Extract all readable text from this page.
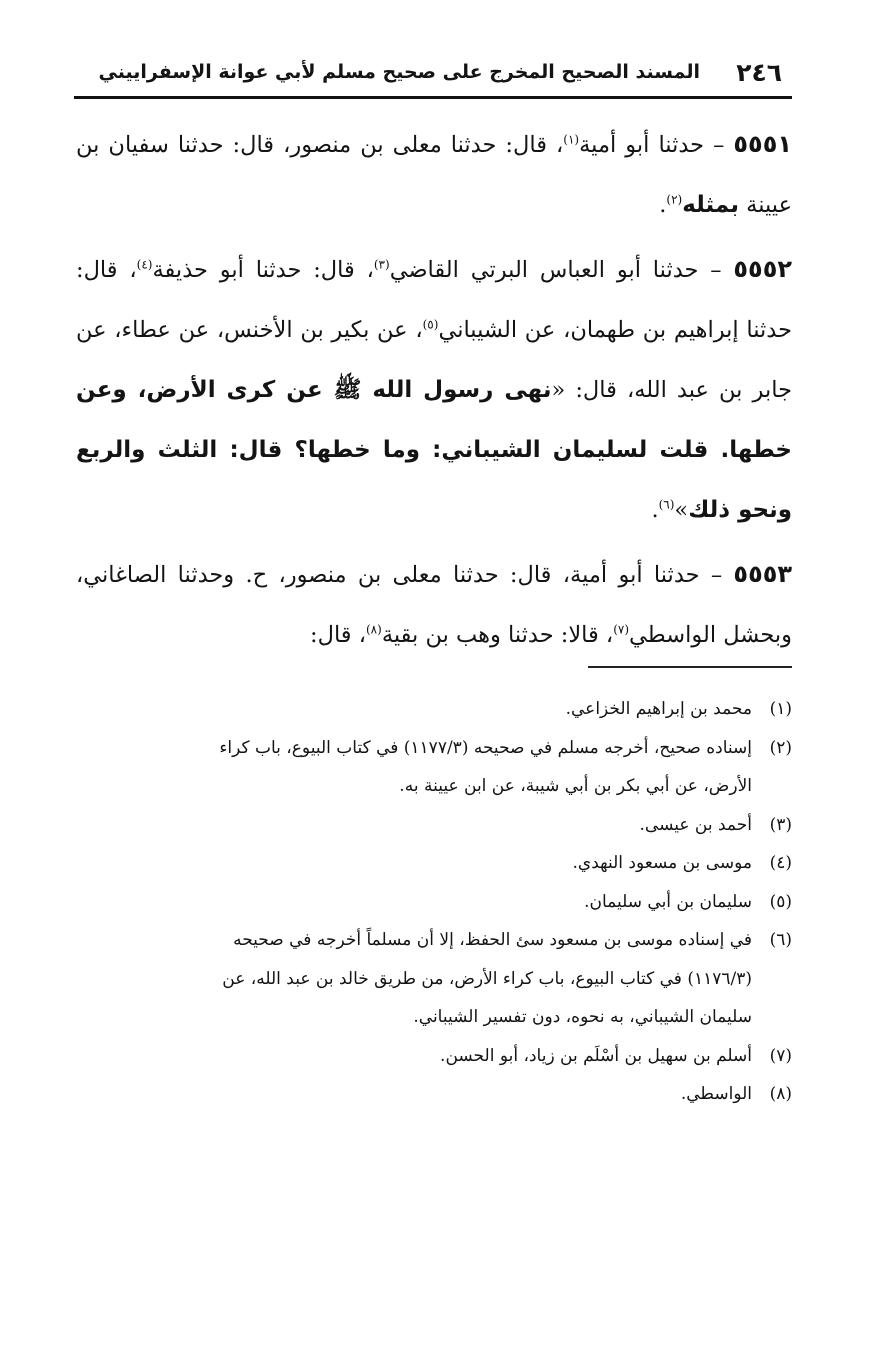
٢٤٦
المسند الصحيح المخرج على صحيح مسلم لأبي عوانة الإسفراييني

٥٥٥١ – حدثنا أبو أمية$^{(١)}$، قال: حدثنا معلى بن منصور، قال: حدثنا سفيان بن عيينة بمثله$^{(٢)}$.

٥٥٥٢ – حدثنا أبو العباس البرتي القاضي$^{(٣)}$، قال: حدثنا أبو حذيفة$^{(٤)}$، قال: حدثنا إبراهيم بن طهمان، عن الشيباني$^{(٥)}$، عن بكير بن الأخنس، عن عطاء، عن جابر بن عبد الله، قال: «نهى رسول الله ﷺ عن كرى الأرض، وعن خطها. قلت لسليمان الشيباني: وما خطها؟ قال: الثلث والربع ونحو ذلك»$^{(٦)}$.

٥٥٥٣ – حدثنا أبو أمية، قال: حدثنا معلى بن منصور، ح. وحدثنا الصاغاني، وبحشل الواسطي$^{(٧)}$، قالا: حدثنا وهب بن بقية$^{(٨)}$، قال:

(١)محمد بن إبراهيم الخزاعي.

(٢)إسناده صحيح، أخرجه مسلم في صحيحه (١١٧٧/٣) في كتاب البيوع، باب كراء

الأرض، عن أبي بكر بن أبي شيبة، عن ابن عيينة به.

(٣)أحمد بن عيسى.

(٤)موسى بن مسعود النهدي.

(٥)سليمان بن أبي سليمان.

(٦)في إسناده موسى بن مسعود سئ الحفظ، إلا أن مسلماً أخرجه في صحيحه

(١١٧٦/٣) في كتاب البيوع، باب كراء الأرض، من طريق خالد بن عبد الله، عن

سليمان الشيباني، به نحوه، دون تفسير الشيباني.

(٧)أسلم بن سهيل بن أسْلَم بن زياد، أبو الحسن.

(٨)الواسطي.
